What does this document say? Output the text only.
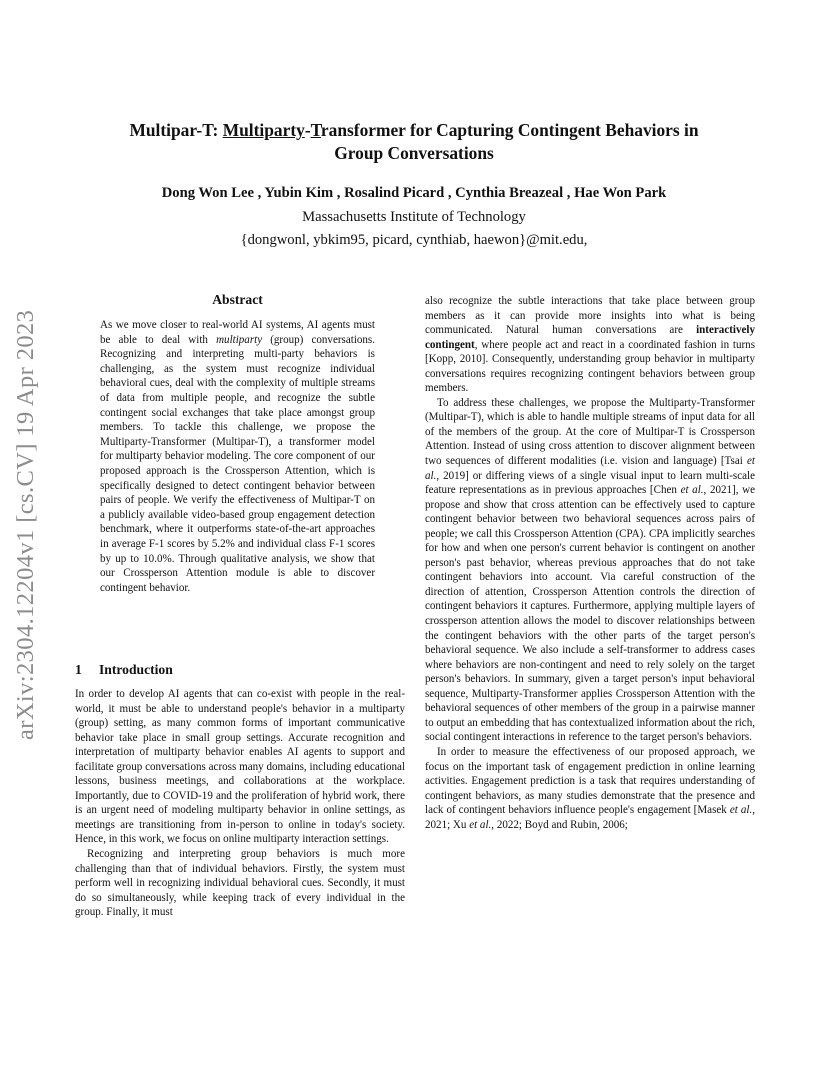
arXiv:2304.12204v1 [cs.CV] 19 Apr 2023
Multipar-T: Multiparty-Transformer for Capturing Contingent Behaviors in
Group Conversations
Dong Won Lee , Yubin Kim , Rosalind Picard , Cynthia Breazeal , Hae Won Park
Massachusetts Institute of Technology
{dongwonl, ybkim95, picard, cynthiab, haewon}@mit.edu,
Abstract
As we move closer to real-world AI systems, AI agents must be able to deal with multiparty (group) conversations. Recognizing and interpreting multi-party behaviors is challenging, as the system must recognize individual behavioral cues, deal with the complexity of multiple streams of data from multiple people, and recognize the subtle contingent social exchanges that take place amongst group members. To tackle this challenge, we propose the Multiparty-Transformer (Multipar-T), a transformer model for multiparty behavior modeling. The core component of our proposed approach is the Crossperson Attention, which is specifically designed to detect contingent behavior between pairs of people. We verify the effectiveness of Multipar-T on a publicly available video-based group engagement detection benchmark, where it outperforms state-of-the-art approaches in average F-1 scores by 5.2% and individual class F-1 scores by up to 10.0%. Through qualitative analysis, we show that our Crossperson Attention module is able to discover contingent behavior.
1 Introduction

In order to develop AI agents that can co-exist with people in the real-world, it must be able to understand people's behavior in a multiparty (group) setting, as many common forms of important communicative behavior take place in small group settings. Accurate recognition and interpretation of multiparty behavior enables AI agents to support and facilitate group conversations across many domains, including educational lessons, business meetings, and collaborations at the workplace. Importantly, due to COVID-19 and the proliferation of hybrid work, there is an urgent need of modeling multiparty behavior in online settings, as meetings are transitioning from in-person to online in today's society. Hence, in this work, we focus on online multiparty interaction settings.

Recognizing and interpreting group behaviors is much more challenging than that of individual behaviors. Firstly, the system must perform well in recognizing individual behavioral cues. Secondly, it must do so simultaneously, while keeping track of every individual in the group. Finally, it must

also recognize the subtle interactions that take place between group members as it can provide more insights into what is being communicated. Natural human conversations are interactively contingent, where people act and react in a coordinated fashion in turns [Kopp, 2010]. Consequently, understanding group behavior in multiparty conversations requires recognizing contingent behaviors between group members.

To address these challenges, we propose the Multiparty-Transformer (Multipar-T), which is able to handle multiple streams of input data for all of the members of the group. At the core of Multipar-T is Crossperson Attention. Instead of using cross attention to discover alignment between two sequences of different modalities (i.e. vision and language) [Tsai et al., 2019] or differing views of a single visual input to learn multi-scale feature representations as in previous approaches [Chen et al., 2021], we propose and show that cross attention can be effectively used to capture contingent behavior between two behavioral sequences across pairs of people; we call this Crossperson Attention (CPA). CPA implicitly searches for how and when one person's current behavior is contingent on another person's past behavior, whereas previous approaches that do not take contingent behaviors into account. Via careful construction of the direction of attention, Crossperson Attention controls the direction of contingent behaviors it captures. Furthermore, applying multiple layers of crossperson attention allows the model to discover relationships between the contingent behaviors with the other parts of the target person's behavioral sequence. We also include a self-transformer to address cases where behaviors are non-contingent and need to rely solely on the target person's behaviors. In summary, given a target person's input behavioral sequence, Multiparty-Transformer applies Crossperson Attention with the behavioral sequences of other members of the group in a pairwise manner to output an embedding that has contextualized information about the rich, social contingent interactions in reference to the target person's behaviors.

In order to measure the effectiveness of our proposed approach, we focus on the important task of engagement prediction in online learning activities. Engagement prediction is a task that requires understanding of contingent behaviors, as many studies demonstrate that the presence and lack of contingent behaviors influence people's engagement [Masek et al., 2021; Xu et al., 2022; Boyd and Rubin, 2006;
